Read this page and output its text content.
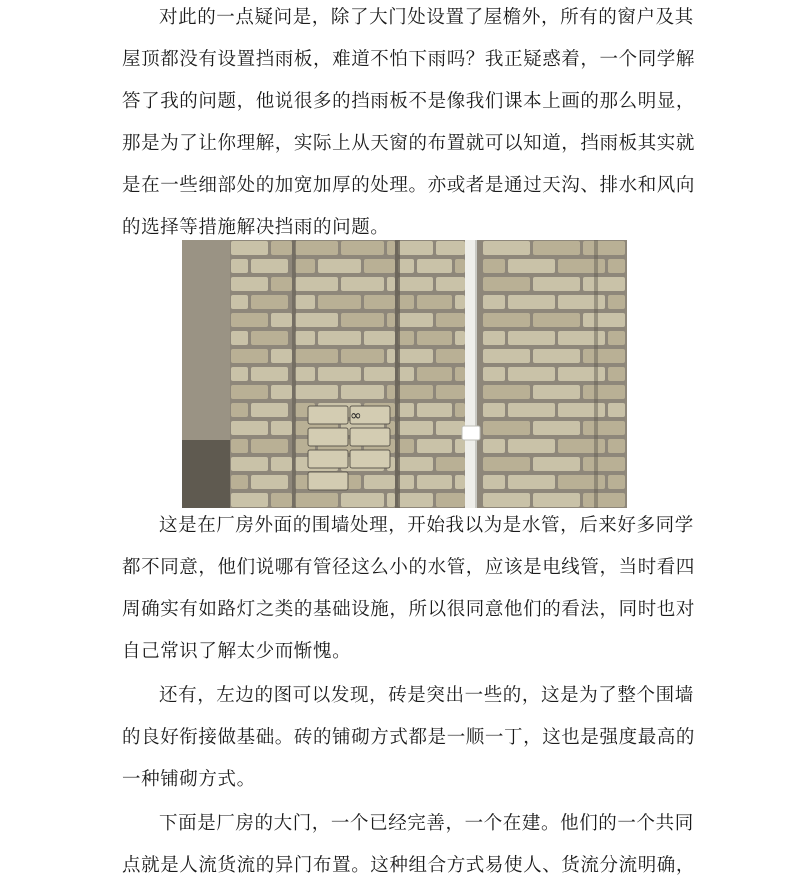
对此的一点疑问是，除了大门处设置了屋檐外，所有的窗户及其
屋顶都没有设置挡雨板，难道不怕下雨吗？我正疑惑着，一个同学解
答了我的问题，他说很多的挡雨板不是像我们课本上画的那么明显，
那是为了让你理解，实际上从天窗的布置就可以知道，挡雨板其实就
是在一些细部处的加宽加厚的处理。亦或者是通过天沟、排水和风向
的选择等措施解决挡雨的问题。

∞

这是在厂房外面的围墙处理，开始我以为是水管，后来好多同学
都不同意，他们说哪有管径这么小的水管，应该是电线管，当时看四
周确实有如路灯之类的基础设施，所以很同意他们的看法，同时也对
自己常识了解太少而惭愧。

还有，左边的图可以发现，砖是突出一些的，这是为了整个围墙
的良好衔接做基础。砖的铺砌方式都是一顺一丁，这也是强度最高的
一种铺砌方式。

下面是厂房的大门，一个已经完善，一个在建。他们的一个共同
点就是人流货流的异门布置。这种组合方式易使人、货流分流明确，
